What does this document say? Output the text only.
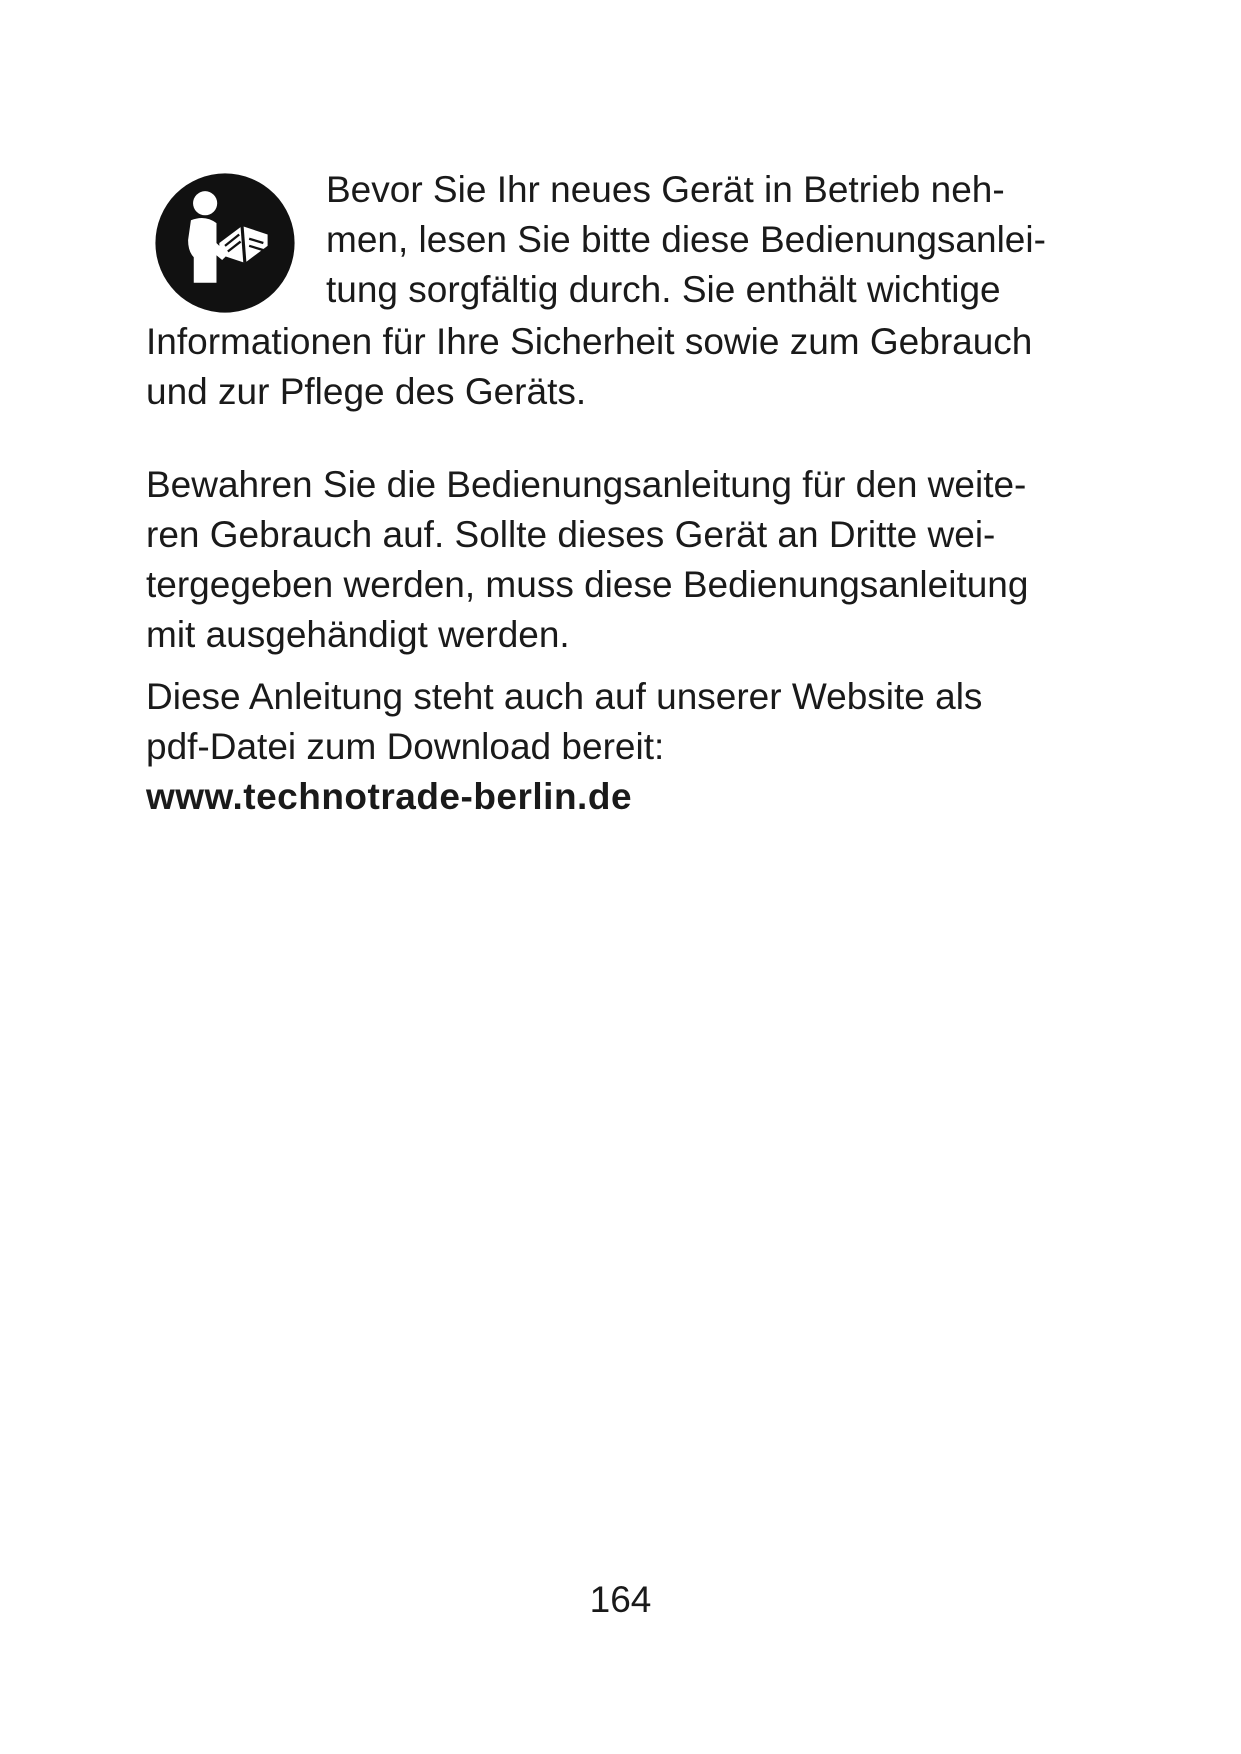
Bevor Sie Ihr neues Gerät in Betrieb neh-
men, lesen Sie bitte diese Bedienungsanlei-
tung sorgfältig durch. Sie enthält wichtige
Informationen für Ihre Sicherheit sowie zum Gebrauch
und zur Pflege des Geräts.
Bewahren Sie die Bedienungsanleitung für den weite-
ren Gebrauch auf. Sollte dieses Gerät an Dritte wei-
tergegeben werden, muss diese Bedienungsanleitung
mit ausgehändigt werden.
Diese Anleitung steht auch auf unserer Website als
pdf-Datei zum Download bereit:
www.technotrade-berlin.de
164
